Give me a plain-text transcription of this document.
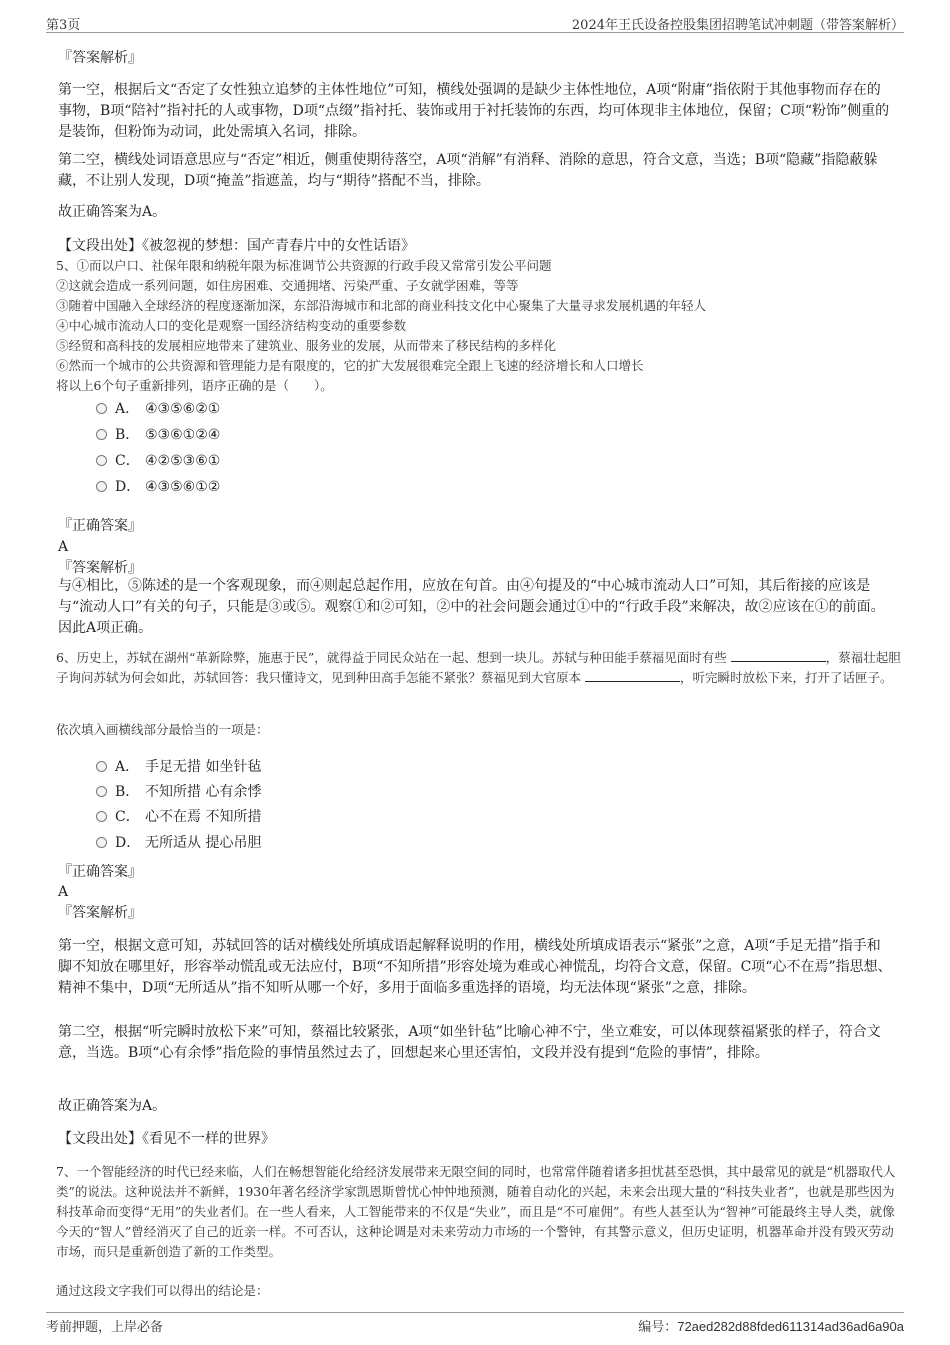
第3页	2024年王氏设备控股集团招聘笔试冲刺题（带答案解析）
『答案解析』
第一空，根据后文“否定了女性独立追梦的主体性地位”可知，横线处强调的是缺少主体性地位，A项“附庸”指依附于其他事物而存在的事物，B项“陪衬”指衬托的人或事物，D项“点缀”指衬托、装饰或用于衬托装饰的东西，均可体现非主体地位，保留；C项“粉饰”侧重的是装饰，但粉饰为动词，此处需填入名词，排除。
第二空，横线处词语意思应与“否定”相近，侧重使期待落空，A项“消解”有消释、消除的意思，符合文意，当选；B项“隐藏”指隐蔽躲藏，不让别人发现，D项“掩盖”指遮盖，均与“期待”搭配不当，排除。
故正确答案为A。
【文段出处】《被忽视的梦想：国产青春片中的女性话语》
5、①而以户口、社保年限和纳税年限为标准调节公共资源的行政手段又常常引发公平问题
②这就会造成一系列问题，如住房困难、交通拥堵、污染严重、子女就学困难，等等
③随着中国融入全球经济的程度逐渐加深，东部沿海城市和北部的商业科技文化中心聚集了大量寻求发展机遇的年轻人
④中心城市流动人口的变化是观察一国经济结构变动的重要参数
⑤经贸和高科技的发展相应地带来了建筑业、服务业的发展，从而带来了移民结构的多样化
⑥然而一个城市的公共资源和管理能力是有限度的，它的扩大发展很难完全跟上飞速的经济增长和人口增长
将以上6个句子重新排列，语序正确的是（　　）。
A． ④③⑤⑥②①
B． ⑤③⑥①②④
C． ④②⑤③⑥①
D． ④③⑤⑥①②
『正确答案』
A
『答案解析』
与④相比，⑤陈述的是一个客观现象，而④则起总起作用，应放在句首。由④句提及的“中心城市流动人口”可知，其后衔接的应该是与“流动人口”有关的句子，只能是③或⑤。观察①和②可知，②中的社会问题会通过①中的“行政手段”来解决，故②应该在①的前面。因此A项正确。
6、历史上，苏轼在湖州“革新除弊，施惠于民”，就得益于同民众站在一起、想到一块儿。苏轼与种田能手蔡福见面时有些	，蔡福壮起胆子询问苏轼为何会如此，苏轼回答：我只懂诗文，见到种田高手怎能不紧张？蔡福见到大官原本	，听完瞬时放松下来，打开了话匣子。
依次填入画横线部分最恰当的一项是：
A． 手足无措 如坐针毡
B． 不知所措 心有余悸
C． 心不在焉 不知所措
D． 无所适从 提心吊胆
『正确答案』
A
『答案解析』
第一空，根据文意可知，苏轼回答的话对横线处所填成语起解释说明的作用，横线处所填成语表示“紧张”之意，A项“手足无措”指手和脚不知放在哪里好，形容举动慌乱或无法应付，B项“不知所措”形容处境为难或心神慌乱，均符合文意，保留。C项“心不在焉”指思想、精神不集中，D项“无所适从”指不知听从哪一个好，多用于面临多重选择的语境，均无法体现“紧张”之意，排除。
第二空，根据“听完瞬时放松下来”可知，蔡福比较紧张，A项“如坐针毡”比喻心神不宁，坐立难安，可以体现蔡福紧张的样子，符合文意，当选。B项“心有余悸”指危险的事情虽然过去了，回想起来心里还害怕，文段并没有提到“危险的事情”，排除。
故正确答案为A。
【文段出处】《看见不一样的世界》
7、一个智能经济的时代已经来临，人们在畅想智能化给经济发展带来无限空间的同时，也常常伴随着诸多担忧甚至恐惧，其中最常见的就是“机器取代人类”的说法。这种说法并不新鲜，1930年著名经济学家凯恩斯曾忧心忡忡地预测，随着自动化的兴起，未来会出现大量的“科技失业者”，也就是那些因为科技革命而变得“无用”的失业者们。在一些人看来，人工智能带来的不仅是“失业”，而且是“不可雇佣”。有些人甚至认为“智神”可能最终主导人类，就像今天的“智人”曾经消灭了自己的近亲一样。不可否认，这种论调是对未来劳动力市场的一个警钟，有其警示意义，但历史证明，机器革命并没有毁灭劳动市场，而只是重新创造了新的工作类型。
通过这段文字我们可以得出的结论是：
考前押题，上岸必备	编号：72aed282d88fded611314ad36ad6a90a
